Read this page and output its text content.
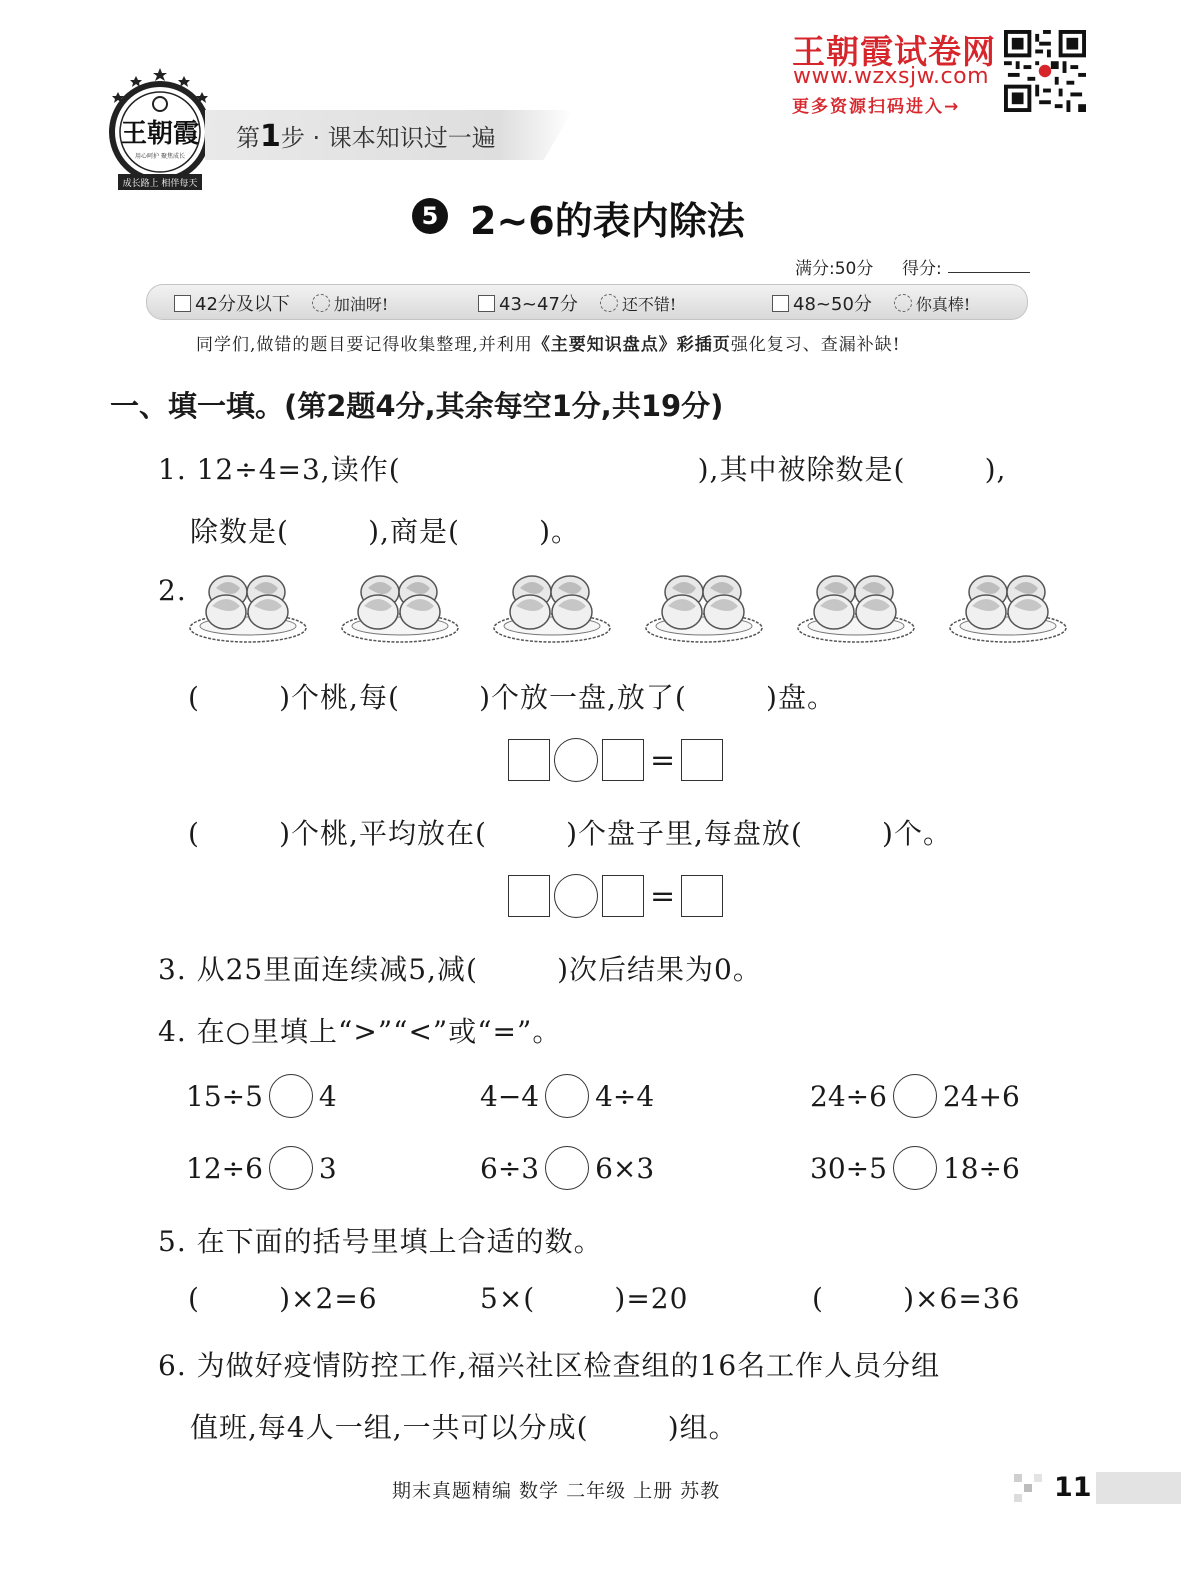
王朝霞试卷网
www.wzxsjw.com
更多资源扫码进入→
王朝霞
用心呵护 聚焦成长
成长路上 相伴每天
第1步 · 课本知识过一遍
5 2~6的表内除法
满分:50分 得分:
42分及以下	加油呀!	43~47分	还不错!	48~50分	你真棒!
同学们,做错的题目要记得收集整理,并利用《主要知识盘点》彩插页强化复习、查漏补缺!
一、填一填。(第2题4分,其余每空1分,共19分)
1. 12÷4=3,读作(                              ),其中被除数是(        ),
除数是(        ),商是(        )。
2.
(        )个桃,每(        )个放一盘,放了(        )盘。
=
(        )个桃,平均放在(        )个盘子里,每盘放(        )个。
=
3. 从25里面连续减5,减(        )次后结果为0。
4. 在○里填上“>”“<”或“=”。
15÷5 4	4−4 4÷4	24÷6 24+6
12÷6 3	6÷3 6×3	30÷5 18÷6
5. 在下面的括号里填上合适的数。
(        )×2=6	5×(        )=20	(        )×6=36
6. 为做好疫情防控工作,福兴社区检查组的16名工作人员分组
值班,每4人一组,一共可以分成(        )组。
期末真题精编 数学 二年级 上册 苏教	11
